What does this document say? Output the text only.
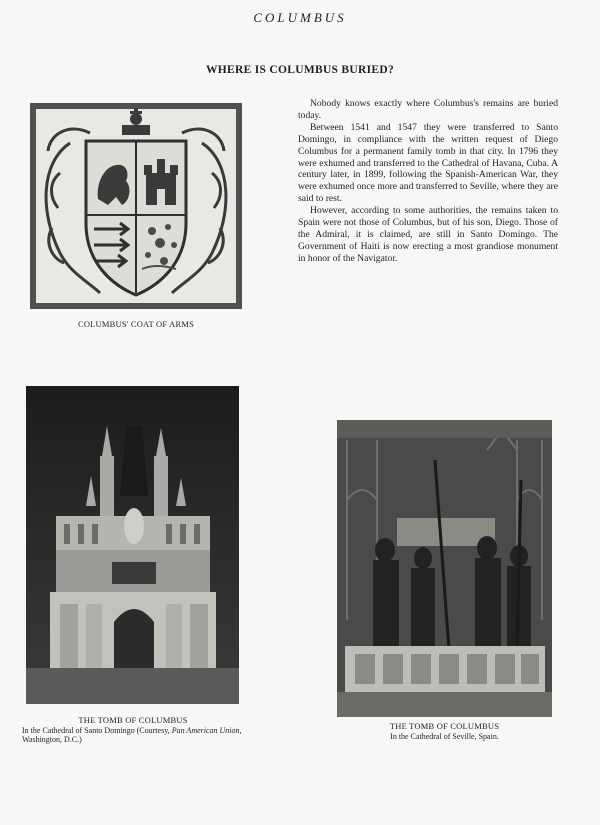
COLUMBUS
WHERE IS COLUMBUS BURIED?
COLUMBUS' COAT OF ARMS

Nobody knows exactly where Columbus's remains are buried today.

Between 1541 and 1547 they were transferred to Santo Domingo, in compliance with the written request of Diego Columbus for a permanent family tomb in that city. In 1796 they were exhumed and transferred to the Cathedral of Havana, Cuba. A century later, in 1899, following the Spanish-American War, they were exhumed once more and transferred to Seville, where they are said to rest.

However, according to some authorities, the remains taken to Spain were not those of Columbus, but of his son, Diego. Those of the Admiral, it is claimed, are still in Santo Domingo. The Government of Haiti is now erecting a most grandiose monument in honor of the Navigator.

THE TOMB OF COLUMBUS
In the Cathedral of Santo Domingo (Courtesy, Pan American Union, Washington, D.C.)
THE TOMB OF COLUMBUS
In the Cathedral of Seville, Spain.
